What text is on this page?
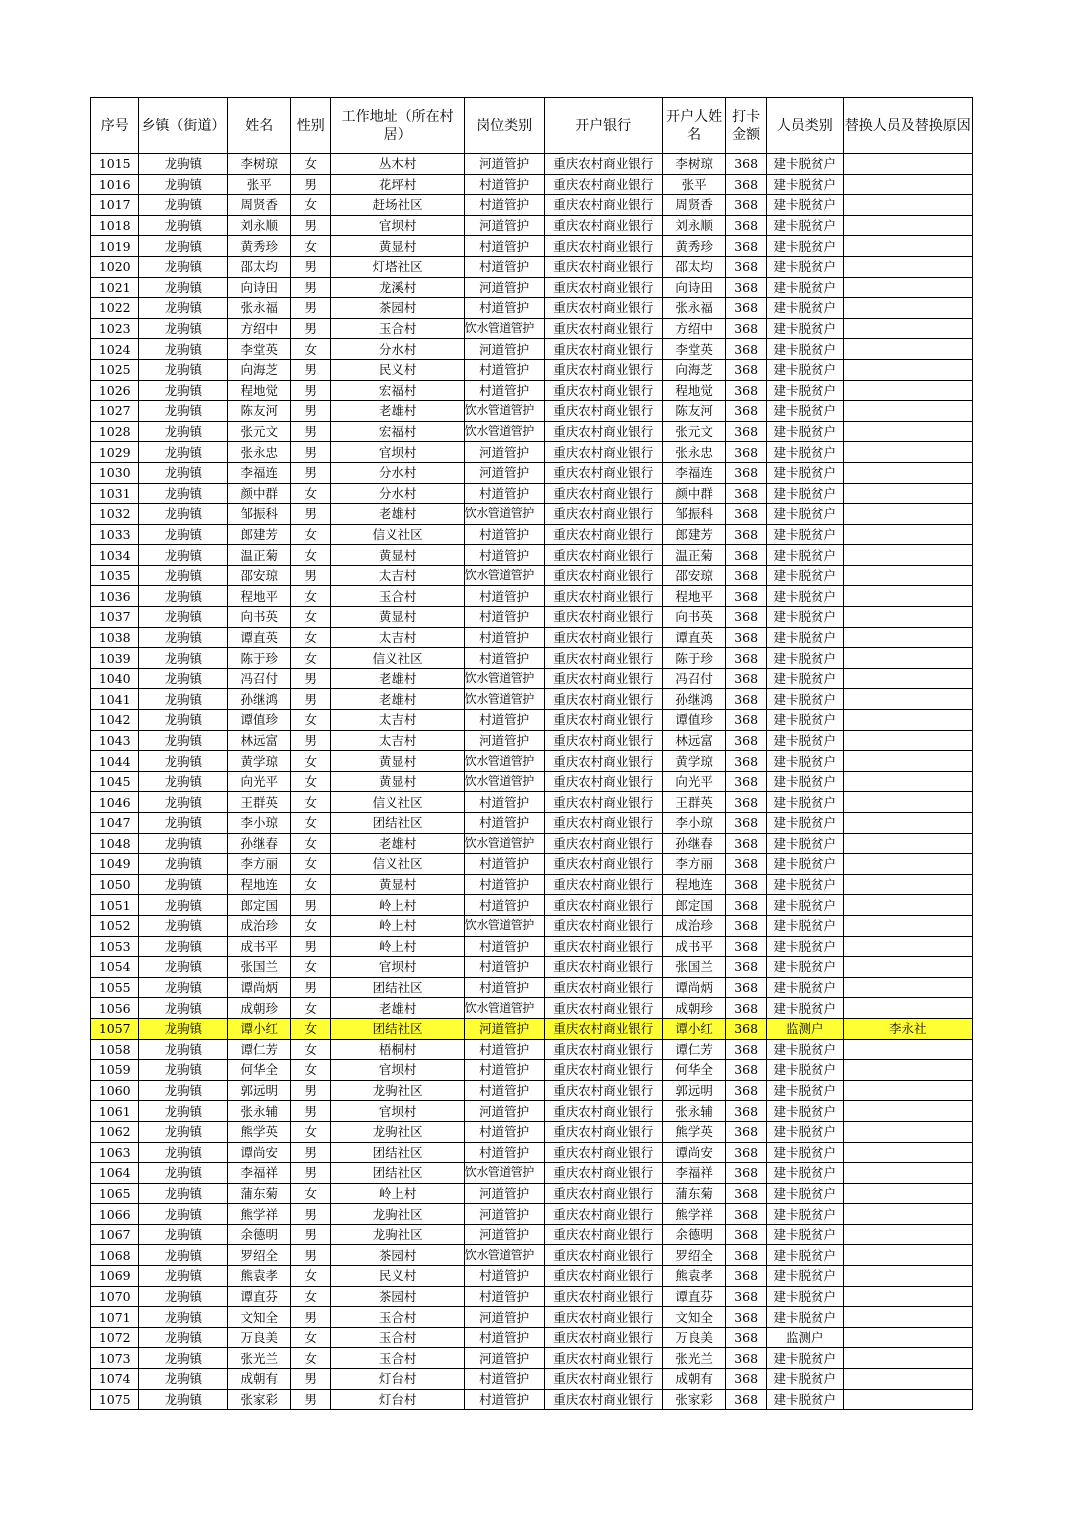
序号	乡镇（街道）	姓名	性别	工作地址（所在村居）	岗位类别	开户银行	开户人姓名	打卡金额	人员类别	替换人员及替换原因
1015	龙驹镇	李树琼	女	丛木村	河道管护	重庆农村商业银行	李树琼	368	建卡脱贫户	
1016	龙驹镇	张平	男	花坪村	村道管护	重庆农村商业银行	张平	368	建卡脱贫户	
1017	龙驹镇	周贤香	女	赶场社区	村道管护	重庆农村商业银行	周贤香	368	建卡脱贫户	
1018	龙驹镇	刘永顺	男	官坝村	河道管护	重庆农村商业银行	刘永顺	368	建卡脱贫户	
1019	龙驹镇	黄秀珍	女	黄显村	村道管护	重庆农村商业银行	黄秀珍	368	建卡脱贫户	
1020	龙驹镇	邵太均	男	灯塔社区	村道管护	重庆农村商业银行	邵太均	368	建卡脱贫户	
1021	龙驹镇	向诗田	男	龙溪村	河道管护	重庆农村商业银行	向诗田	368	建卡脱贫户	
1022	龙驹镇	张永福	男	茶园村	村道管护	重庆农村商业银行	张永福	368	建卡脱贫户	
1023	龙驹镇	方绍中	男	玉合村	饮水管道管护	重庆农村商业银行	方绍中	368	建卡脱贫户	
1024	龙驹镇	李堂英	女	分水村	河道管护	重庆农村商业银行	李堂英	368	建卡脱贫户	
1025	龙驹镇	向海芝	男	民义村	村道管护	重庆农村商业银行	向海芝	368	建卡脱贫户	
1026	龙驹镇	程地觉	男	宏福村	村道管护	重庆农村商业银行	程地觉	368	建卡脱贫户	
1027	龙驹镇	陈友河	男	老雄村	饮水管道管护	重庆农村商业银行	陈友河	368	建卡脱贫户	
1028	龙驹镇	张元文	男	宏福村	饮水管道管护	重庆农村商业银行	张元文	368	建卡脱贫户	
1029	龙驹镇	张永忠	男	官坝村	河道管护	重庆农村商业银行	张永忠	368	建卡脱贫户	
1030	龙驹镇	李福连	男	分水村	河道管护	重庆农村商业银行	李福连	368	建卡脱贫户	
1031	龙驹镇	颜中群	女	分水村	村道管护	重庆农村商业银行	颜中群	368	建卡脱贫户	
1032	龙驹镇	邹振科	男	老雄村	饮水管道管护	重庆农村商业银行	邹振科	368	建卡脱贫户	
1033	龙驹镇	郎建芳	女	信义社区	村道管护	重庆农村商业银行	郎建芳	368	建卡脱贫户	
1034	龙驹镇	温正菊	女	黄显村	村道管护	重庆农村商业银行	温正菊	368	建卡脱贫户	
1035	龙驹镇	邵安琼	男	太吉村	饮水管道管护	重庆农村商业银行	邵安琼	368	建卡脱贫户	
1036	龙驹镇	程地平	女	玉合村	村道管护	重庆农村商业银行	程地平	368	建卡脱贫户	
1037	龙驹镇	向书英	女	黄显村	村道管护	重庆农村商业银行	向书英	368	建卡脱贫户	
1038	龙驹镇	谭直英	女	太吉村	村道管护	重庆农村商业银行	谭直英	368	建卡脱贫户	
1039	龙驹镇	陈于珍	女	信义社区	村道管护	重庆农村商业银行	陈于珍	368	建卡脱贫户	
1040	龙驹镇	冯召付	男	老雄村	饮水管道管护	重庆农村商业银行	冯召付	368	建卡脱贫户	
1041	龙驹镇	孙继鸿	男	老雄村	饮水管道管护	重庆农村商业银行	孙继鸿	368	建卡脱贫户	
1042	龙驹镇	谭值珍	女	太吉村	村道管护	重庆农村商业银行	谭值珍	368	建卡脱贫户	
1043	龙驹镇	林远富	男	太吉村	河道管护	重庆农村商业银行	林远富	368	建卡脱贫户	
1044	龙驹镇	黄学琼	女	黄显村	饮水管道管护	重庆农村商业银行	黄学琼	368	建卡脱贫户	
1045	龙驹镇	向光平	女	黄显村	饮水管道管护	重庆农村商业银行	向光平	368	建卡脱贫户	
1046	龙驹镇	王群英	女	信义社区	村道管护	重庆农村商业银行	王群英	368	建卡脱贫户	
1047	龙驹镇	李小琼	女	团结社区	村道管护	重庆农村商业银行	李小琼	368	建卡脱贫户	
1048	龙驹镇	孙继春	女	老雄村	饮水管道管护	重庆农村商业银行	孙继春	368	建卡脱贫户	
1049	龙驹镇	李方丽	女	信义社区	村道管护	重庆农村商业银行	李方丽	368	建卡脱贫户	
1050	龙驹镇	程地连	女	黄显村	村道管护	重庆农村商业银行	程地连	368	建卡脱贫户	
1051	龙驹镇	郎定国	男	岭上村	村道管护	重庆农村商业银行	郎定国	368	建卡脱贫户	
1052	龙驹镇	成治珍	女	岭上村	饮水管道管护	重庆农村商业银行	成治珍	368	建卡脱贫户	
1053	龙驹镇	成书平	男	岭上村	村道管护	重庆农村商业银行	成书平	368	建卡脱贫户	
1054	龙驹镇	张国兰	女	官坝村	村道管护	重庆农村商业银行	张国兰	368	建卡脱贫户	
1055	龙驹镇	谭尚炳	男	团结社区	村道管护	重庆农村商业银行	谭尚炳	368	建卡脱贫户	
1056	龙驹镇	成朝珍	女	老雄村	饮水管道管护	重庆农村商业银行	成朝珍	368	建卡脱贫户	
1057	龙驹镇	谭小红	女	团结社区	河道管护	重庆农村商业银行	谭小红	368	监测户	李永社
1058	龙驹镇	谭仁芳	女	梧桐村	村道管护	重庆农村商业银行	谭仁芳	368	建卡脱贫户	
1059	龙驹镇	何华全	女	官坝村	村道管护	重庆农村商业银行	何华全	368	建卡脱贫户	
1060	龙驹镇	郭远明	男	龙驹社区	村道管护	重庆农村商业银行	郭远明	368	建卡脱贫户	
1061	龙驹镇	张永辅	男	官坝村	河道管护	重庆农村商业银行	张永辅	368	建卡脱贫户	
1062	龙驹镇	熊学英	女	龙驹社区	村道管护	重庆农村商业银行	熊学英	368	建卡脱贫户	
1063	龙驹镇	谭尚安	男	团结社区	村道管护	重庆农村商业银行	谭尚安	368	建卡脱贫户	
1064	龙驹镇	李福祥	男	团结社区	饮水管道管护	重庆农村商业银行	李福祥	368	建卡脱贫户	
1065	龙驹镇	蒲东菊	女	岭上村	河道管护	重庆农村商业银行	蒲东菊	368	建卡脱贫户	
1066	龙驹镇	熊学祥	男	龙驹社区	河道管护	重庆农村商业银行	熊学祥	368	建卡脱贫户	
1067	龙驹镇	余德明	男	龙驹社区	河道管护	重庆农村商业银行	余德明	368	建卡脱贫户	
1068	龙驹镇	罗绍全	男	茶园村	饮水管道管护	重庆农村商业银行	罗绍全	368	建卡脱贫户	
1069	龙驹镇	熊袁孝	女	民义村	村道管护	重庆农村商业银行	熊袁孝	368	建卡脱贫户	
1070	龙驹镇	谭直芬	女	茶园村	村道管护	重庆农村商业银行	谭直芬	368	建卡脱贫户	
1071	龙驹镇	文知全	男	玉合村	河道管护	重庆农村商业银行	文知全	368	建卡脱贫户	
1072	龙驹镇	万良美	女	玉合村	村道管护	重庆农村商业银行	万良美	368	监测户	
1073	龙驹镇	张光兰	女	玉合村	河道管护	重庆农村商业银行	张光兰	368	建卡脱贫户	
1074	龙驹镇	成朝有	男	灯台村	村道管护	重庆农村商业银行	成朝有	368	建卡脱贫户	
1075	龙驹镇	张家彩	男	灯台村	村道管护	重庆农村商业银行	张家彩	368	建卡脱贫户	
